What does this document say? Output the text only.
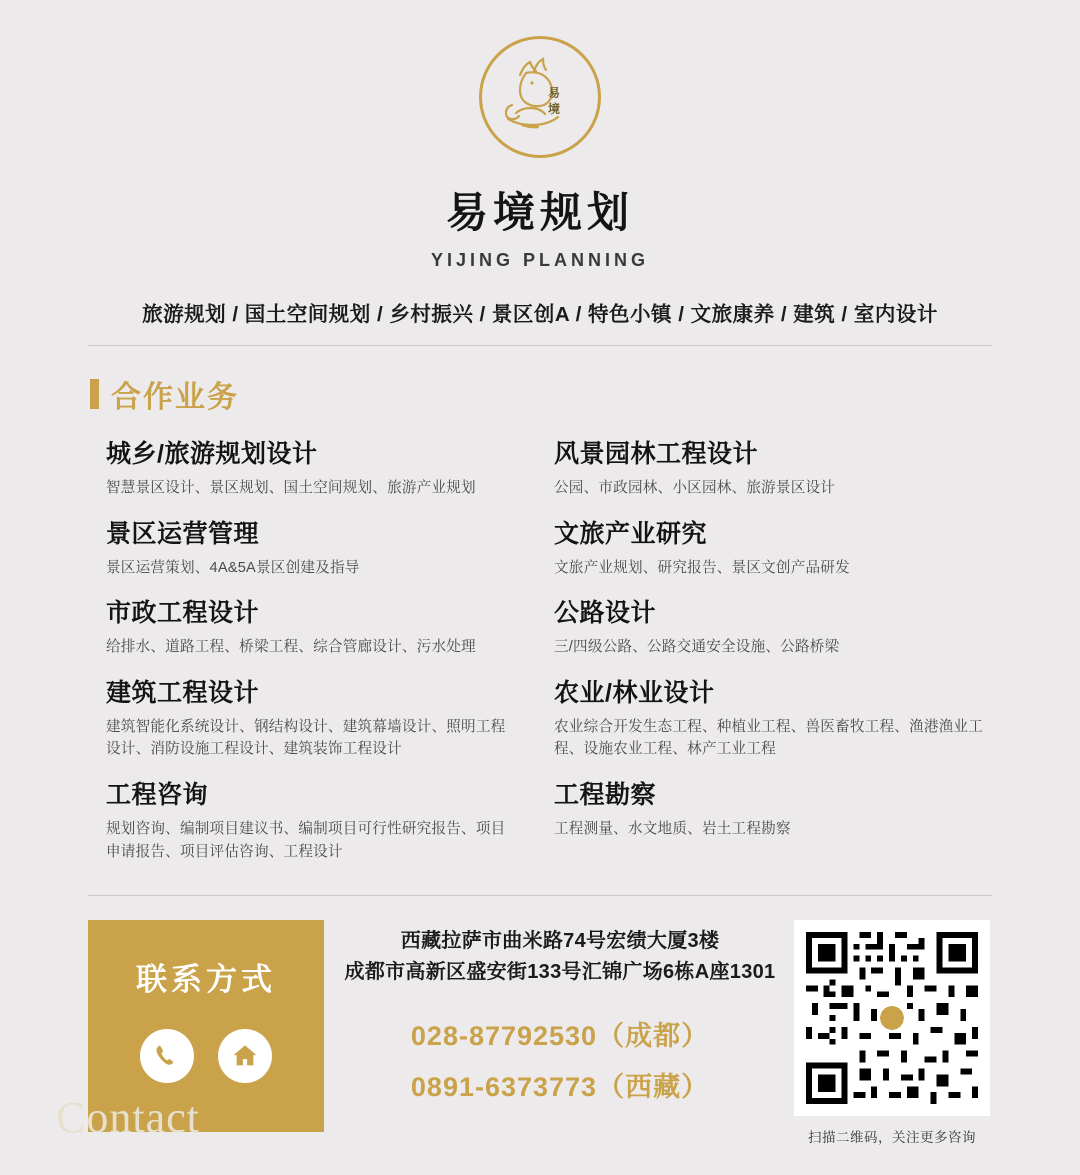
易
境
易境规划
YIJING PLANNING
旅游规划 / 国土空间规划 / 乡村振兴 / 景区创A / 特色小镇 / 文旅康养 / 建筑 / 室内设计
合作业务
城乡/旅游规划设计
智慧景区设计、景区规划、国土空间规划、旅游产业规划
景区运营管理
景区运营策划、4A&5A景区创建及指导
市政工程设计
给排水、道路工程、桥梁工程、综合管廊设计、污水处理
建筑工程设计
建筑智能化系统设计、钢结构设计、建筑幕墙设计、照明工程设计、消防设施工程设计、建筑装饰工程设计
工程咨询
规划咨询、编制项目建议书、编制项目可行性研究报告、项目申请报告、项目评估咨询、工程设计
风景园林工程设计
公园、市政园林、小区园林、旅游景区设计
文旅产业研究
文旅产业规划、研究报告、景区文创产品研发
公路设计
三/四级公路、公路交通安全设施、公路桥梁
农业/林业设计
农业综合开发生态工程、种植业工程、兽医畜牧工程、渔港渔业工程、设施农业工程、林产工业工程
工程勘察
工程测量、水文地质、岩土工程勘察
联系方式
西藏拉萨市曲米路74号宏绩大厦3楼
成都市高新区盛安街133号汇锦广场6栋A座1301
028-87792530（成都）
0891-6373773（西藏）
扫描二维码，关注更多咨询
Contact
